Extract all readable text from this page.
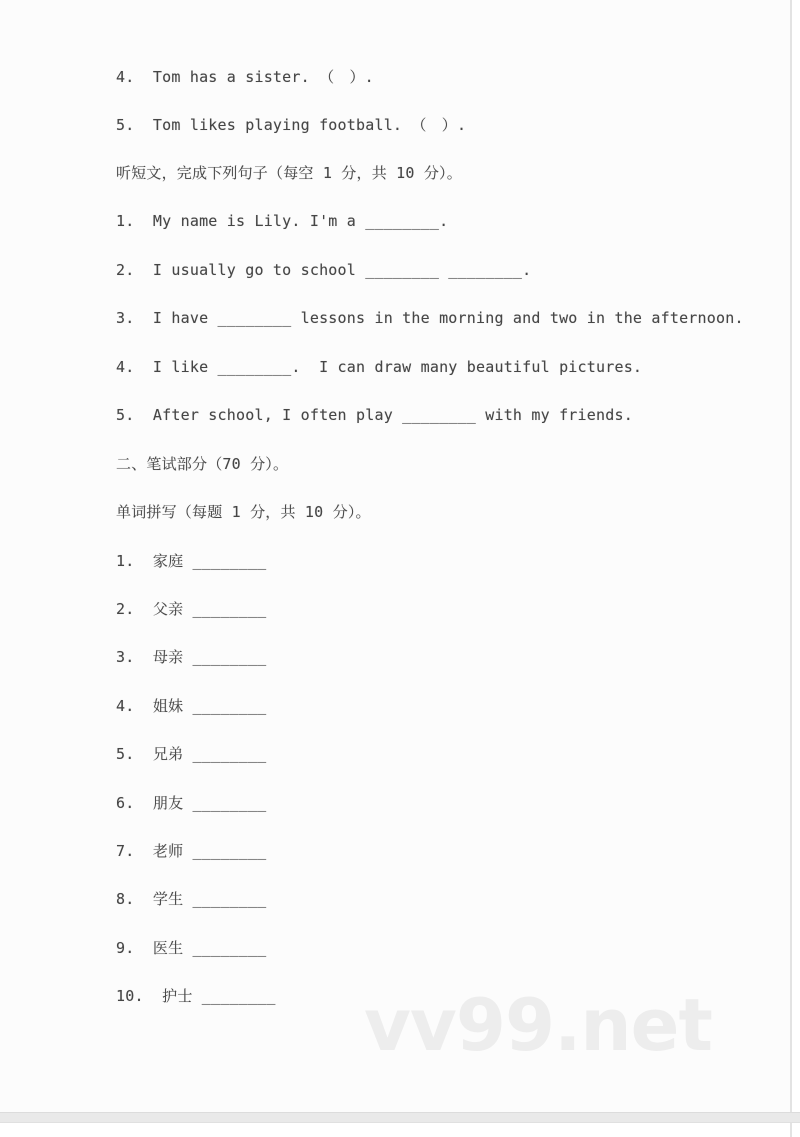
4.  Tom has a sister. （　）.

5.  Tom likes playing football. （　）.

听短文，完成下列句子（每空 1 分，共 10 分）。

1.  My name is Lily. I'm a ________.

2.  I usually go to school ________ ________.

3.  I have ________ lessons in the morning and two in the afternoon.

4.  I like ________.  I can draw many beautiful pictures.

5.  After school, I often play ________ with my friends.

二、笔试部分（70 分）。

单词拼写（每题 1 分，共 10 分）。

1.  家庭 ________

2.  父亲 ________

3.  母亲 ________

4.  姐妹 ________

5.  兄弟 ________

6.  朋友 ________

7.  老师 ________

8.  学生 ________

9.  医生 ________

10.  护士 ________	vv99.net
